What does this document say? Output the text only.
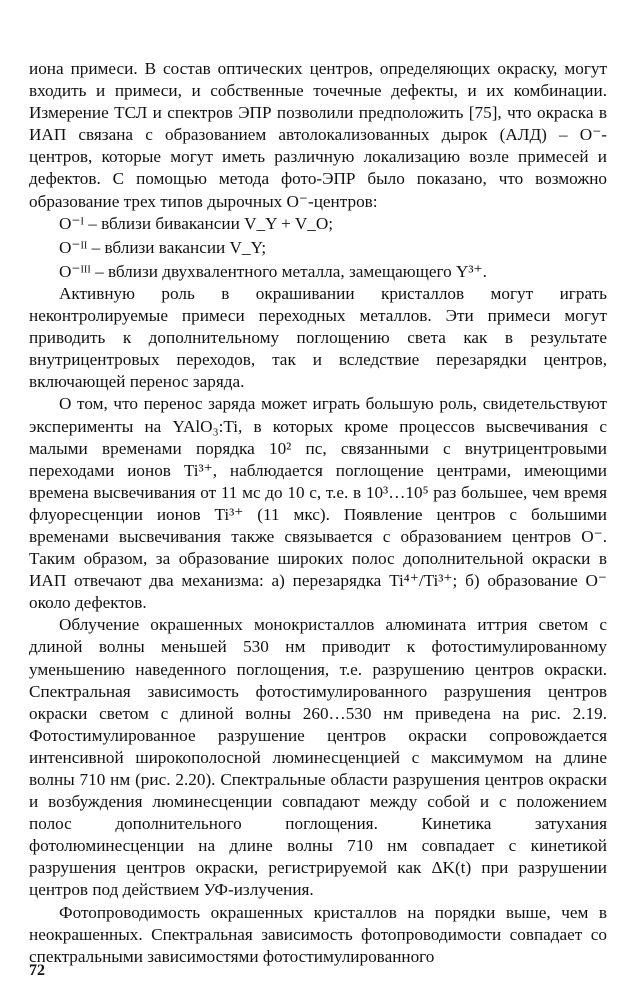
иона примеси. В состав оптических центров, определяющих окраску, могут входить и примеси, и собственные точечные дефекты, и их комбинации. Измерение ТСЛ и спектров ЭПР позволили предположить [75], что окраска в ИАП связана с образованием автолокализованных дырок (АЛД) – O⁻-центров, которые могут иметь различную локализацию возле примесей и дефектов. С помощью метода фото-ЭПР было показано, что возможно образование трех типов дырочных O⁻-центров:

O⁻ᴵ – вблизи бивакансии V_Y + V_O;

O⁻ᴵᴵ – вблизи вакансии V_Y;

O⁻ᴵᴵᴵ – вблизи двухвалентного металла, замещающего Y³⁺.

Активную роль в окрашивании кристаллов могут играть неконтролируемые примеси переходных металлов. Эти примеси могут приводить к дополнительному поглощению света как в результате внутрицентровых переходов, так и вследствие перезарядки центров, включающей перенос заряда.

О том, что перенос заряда может играть большую роль, свидетельствуют эксперименты на YAlO₃:Ti, в которых кроме процессов высвечивания с малыми временами порядка 10² пс, связанными с внутрицентровыми переходами ионов Ti³⁺, наблюдается поглощение центрами, имеющими времена высвечивания от 11 мс до 10 с, т.е. в 10³…10⁵ раз большее, чем время флуоресценции ионов Ti³⁺ (11 мкс). Появление центров с большими временами высвечивания также связывается с образованием центров O⁻. Таким образом, за образование широких полос дополнительной окраски в ИАП отвечают два механизма: а) перезарядка Ti⁴⁺/Ti³⁺; б) образование O⁻ около дефектов.

Облучение окрашенных монокристаллов алюмината иттрия светом с длиной волны меньшей 530 нм приводит к фотостимулированному уменьшению наведенного поглощения, т.е. разрушению центров окраски. Спектральная зависимость фотостимулированного разрушения центров окраски светом с длиной волны 260…530 нм приведена на рис. 2.19. Фотостимулированное разрушение центров окраски сопровождается интенсивной широкополосной люминесценцией с максимумом на длине волны 710 нм (рис. 2.20). Спектральные области разрушения центров окраски и возбуждения люминесценции совпадают между собой и с положением полос дополнительного поглощения. Кинетика затухания фотолюминесценции на длине волны 710 нм совпадает с кинетикой разрушения центров окраски, регистрируемой как ΔK(t) при разрушении центров под действием УФ-излучения.

Фотопроводимость окрашенных кристаллов на порядки выше, чем в неокрашенных. Спектральная зависимость фотопроводимости совпадает со спектральными зависимостями фотостимулированного

72
